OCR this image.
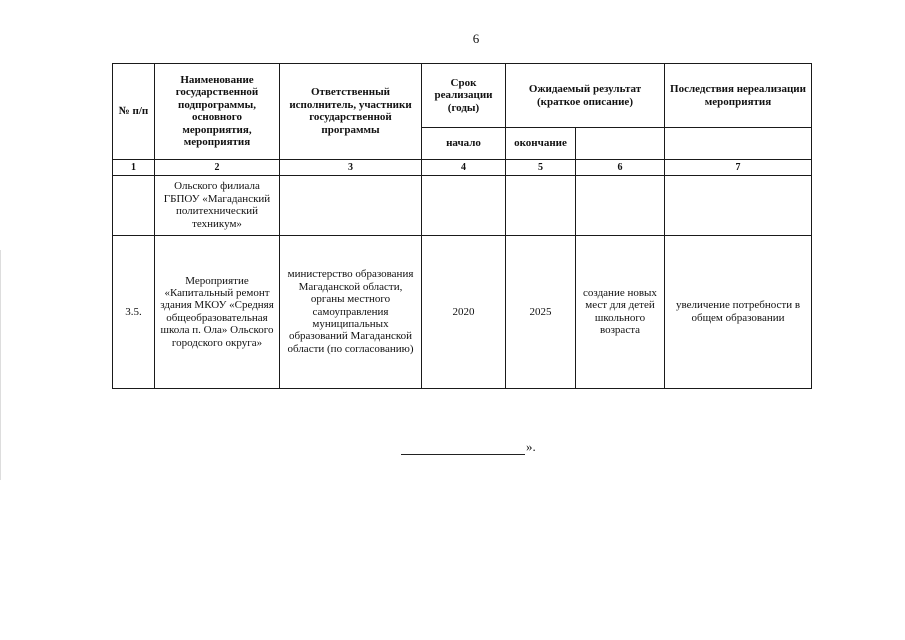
6
№ п/п	Наименование государственной подпрограммы, основного мероприятия, мероприятия	Ответственный исполнитель, участники государственной программы	Срок реализации (годы)	Ожидаемый результат (краткое описание)		Последствия нереализации мероприятия
			начало	окончание		
1	2	3	4	5	6	7
	Ольского филиала ГБПОУ «Магаданский политехнический техникум»					
3.5.	Мероприятие «Капитальный ремонт здания МКОУ «Средняя общеобразовательная школа п. Ола» Ольского городского округа»	министерство образования Магаданской области, органы местного самоуправления муниципальных образований Магаданской области (по согласованию)	2020	2025	создание новых мест для детей школьного возраста	увеличение потребности в общем образовании
».
